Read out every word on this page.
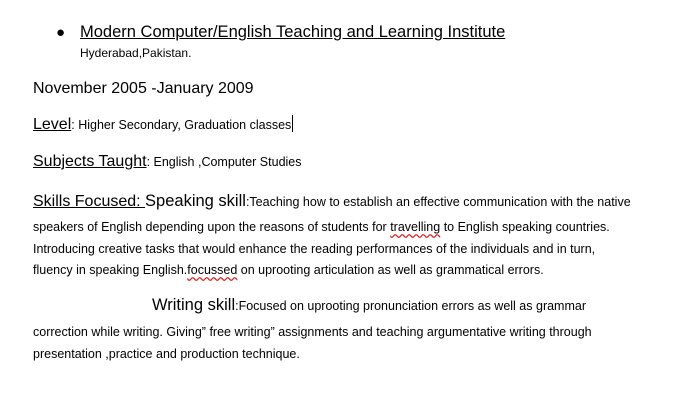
● Modern Computer/English Teaching and Learning Institute
Hyderabad,Pakistan.
November 2005 -January 2009
Level: Higher Secondary, Graduation classes
Subjects Taught: English ,Computer Studies
Skills Focused: Speaking skill:Teaching how to establish an effective communication with the native
speakers of English depending upon the reasons of students for travelling to English speaking countries.
Introducing creative tasks that would enhance the reading performances of the individuals and in turn,
fluency in speaking English.focussed on uprooting articulation as well as grammatical errors.
Writing skill:Focused on uprooting pronunciation errors as well as grammar
correction while writing. Giving” free writing” assignments and teaching argumentative writing through
presentation ,practice and production technique.
